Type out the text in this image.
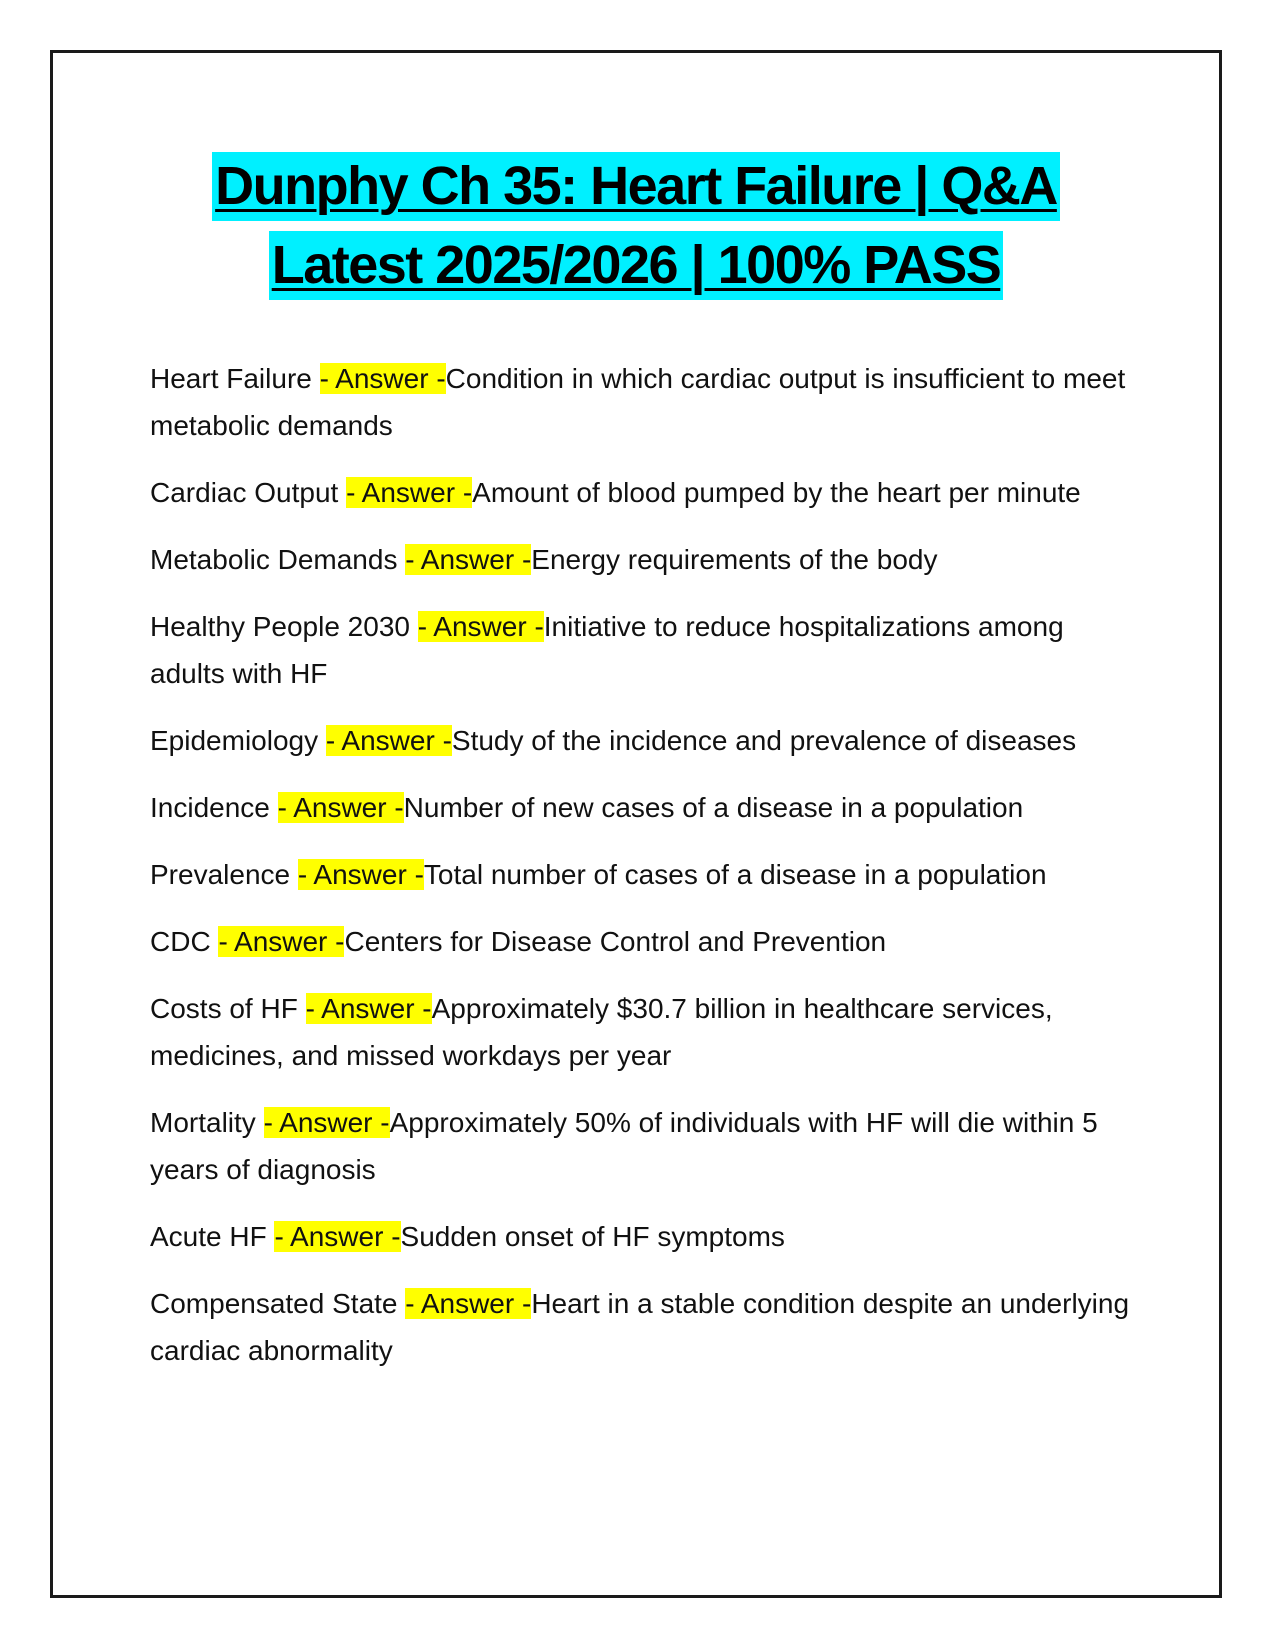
Dunphy Ch 35: Heart Failure | Q&A
Latest 2025/2026 | 100% PASS

Heart Failure - Answer -Condition in which cardiac output is insufficient to meet metabolic demands

Cardiac Output - Answer -Amount of blood pumped by the heart per minute

Metabolic Demands - Answer -Energy requirements of the body

Healthy People 2030 - Answer -Initiative to reduce hospitalizations among adults with HF

Epidemiology - Answer -Study of the incidence and prevalence of diseases

Incidence - Answer -Number of new cases of a disease in a population

Prevalence - Answer -Total number of cases of a disease in a population

CDC - Answer -Centers for Disease Control and Prevention

Costs of HF - Answer -Approximately $30.7 billion in healthcare services, medicines, and missed workdays per year

Mortality - Answer -Approximately 50% of individuals with HF will die within 5 years of diagnosis

Acute HF - Answer -Sudden onset of HF symptoms

Compensated State - Answer -Heart in a stable condition despite an underlying cardiac abnormality
